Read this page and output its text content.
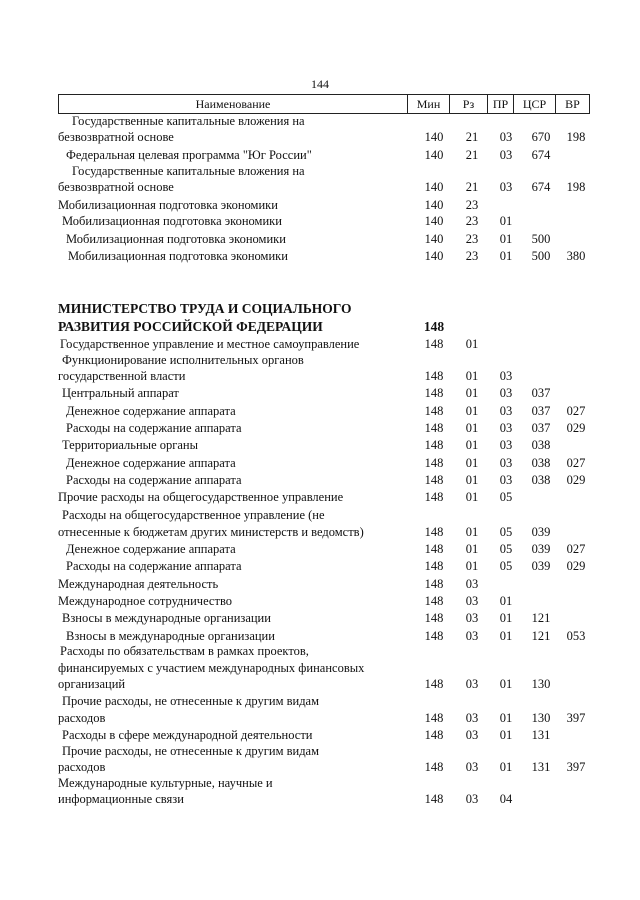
144
Наименование	Мин	Рз	ПР	ЦСР	ВР
Государственные капитальные вложения на
безвозвратной основе	140	21	03	670	198
Федеральная целевая программа "Юг России"	140	21	03	674
Государственные капитальные вложения на
безвозвратной основе	140	21	03	674	198
Мобилизационная подготовка экономики	140	23
Мобилизационная подготовка экономики	140	23	01
Мобилизационная подготовка экономики	140	23	01	500
Мобилизационная подготовка экономики	140	23	01	500	380
МИНИСТЕРСТВО ТРУДА И СОЦИАЛЬНОГО
РАЗВИТИЯ РОССИЙСКОЙ ФЕДЕРАЦИИ	148
Государственное управление и местное самоуправление	148	01
Функционирование исполнительных органов
государственной власти	148	01	03
Центральный аппарат	148	01	03	037
Денежное содержание аппарата	148	01	03	037	027
Расходы на содержание аппарата	148	01	03	037	029
Территориальные органы	148	01	03	038
Денежное содержание аппарата	148	01	03	038	027
Расходы на содержание аппарата	148	01	03	038	029
Прочие расходы на общегосударственное управление	148	01	05
Расходы на общегосударственное управление (не
отнесенные к бюджетам других министерств и ведомств)	148	01	05	039
Денежное содержание аппарата	148	01	05	039	027
Расходы на содержание аппарата	148	01	05	039	029
Международная деятельность	148	03
Международное сотрудничество	148	03	01
Взносы в международные организации	148	03	01	121
Взносы в международные организации	148	03	01	121	053
Расходы по обязательствам в рамках проектов,
финансируемых с участием международных финансовых
организаций	148	03	01	130
Прочие расходы, не отнесенные к другим видам
расходов	148	03	01	130	397
Расходы в сфере международной деятельности	148	03	01	131
Прочие расходы, не отнесенные к другим видам
расходов	148	03	01	131	397
Международные культурные, научные и
информационные связи	148	03	04
